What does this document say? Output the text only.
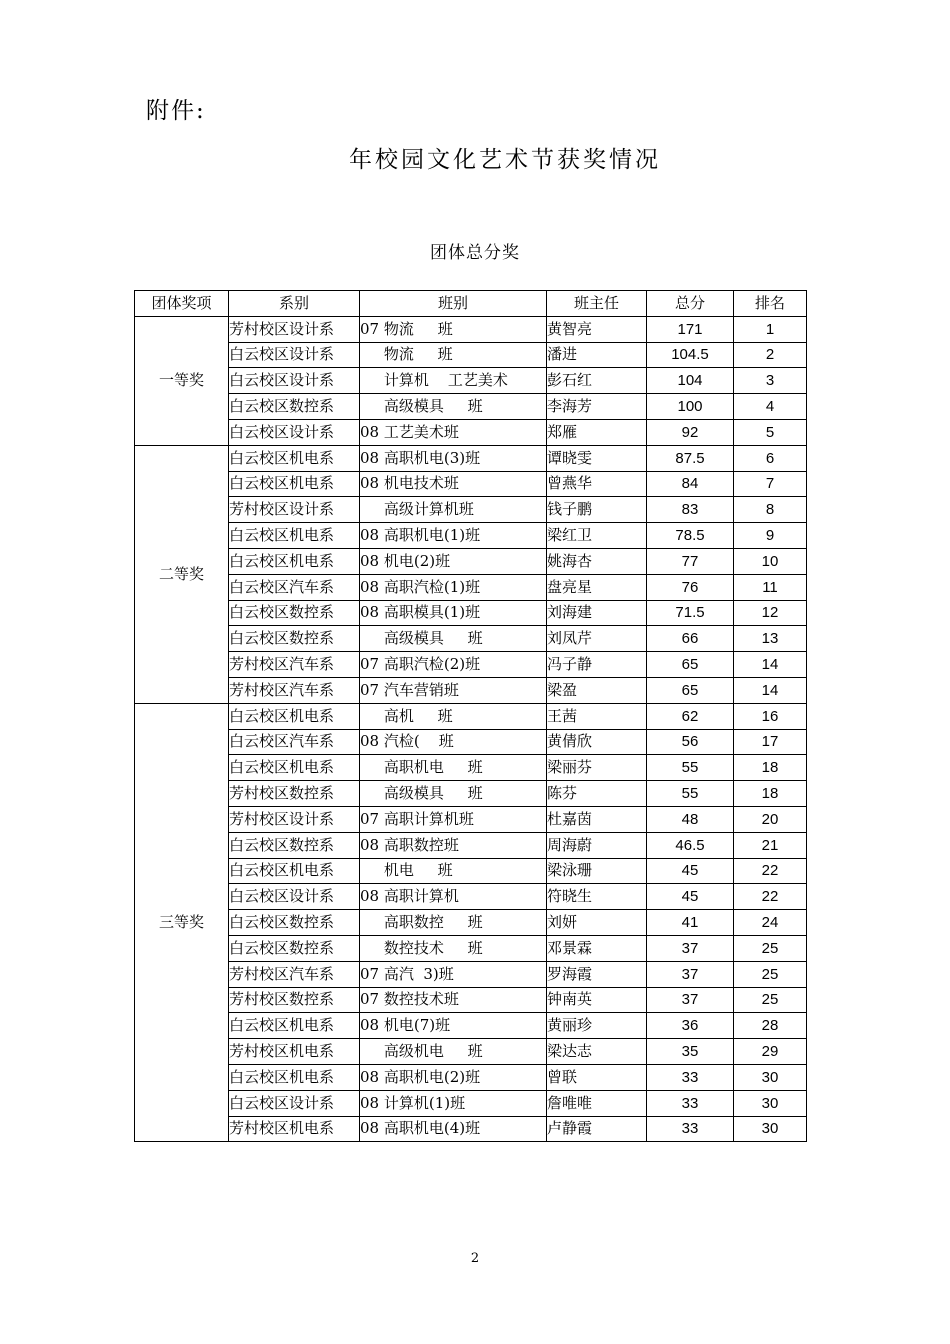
附件:
年校园文化艺术节获奖情况
团体总分奖
团体奖项	系别	班别	班主任	总分	排名
一等奖	芳村校区设计系	07 物流     班	黄智亮	171	1
	白云校区设计系	物流     班	潘进	104.5	2
	白云校区设计系	计算机    工艺美术	彭石红	104	3
	白云校区数控系	高级模具     班	李海芳	100	4
	白云校区设计系	08 工艺美术班	郑雁	92	5
二等奖	白云校区机电系	08 高职机电(3)班	谭晓雯	87.5	6
	白云校区机电系	08 机电技术班	曾燕华	84	7
	芳村校区设计系	高级计算机班	钱子鹏	83	8
	白云校区机电系	08 高职机电(1)班	梁红卫	78.5	9
	白云校区机电系	08 机电(2)班	姚海杏	77	10
	白云校区汽车系	08 高职汽检(1)班	盘亮星	76	11
	白云校区数控系	08 高职模具(1)班	刘海建	71.5	12
	白云校区数控系	高级模具     班	刘凤芹	66	13
	芳村校区汽车系	07 高职汽检(2)班	冯子静	65	14
	芳村校区汽车系	07 汽车营销班	梁盈	65	14
三等奖	白云校区机电系	高机     班	王茜	62	16
	白云校区汽车系	08 汽检(    班	黄倩欣	56	17
	白云校区机电系	高职机电     班	梁丽芬	55	18
	芳村校区数控系	高级模具     班	陈芬	55	18
	芳村校区设计系	07 高职计算机班	杜嘉茵	48	20
	白云校区数控系	08 高职数控班	周海蔚	46.5	21
	白云校区机电系	机电     班	梁泳珊	45	22
	白云校区设计系	08 高职计算机	符晓生	45	22
	白云校区数控系	高职数控     班	刘妍	41	24
	白云校区数控系	数控技术     班	邓景霖	37	25
	芳村校区汽车系	07 高汽  3)班	罗海霞	37	25
	芳村校区数控系	07 数控技术班	钟南英	37	25
	白云校区机电系	08 机电(7)班	黄丽珍	36	28
	芳村校区机电系	高级机电     班	梁达志	35	29
	白云校区机电系	08 高职机电(2)班	曾联	33	30
	白云校区设计系	08 计算机(1)班	詹唯唯	33	30
	芳村校区机电系	08 高职机电(4)班	卢静霞	33	30
2
